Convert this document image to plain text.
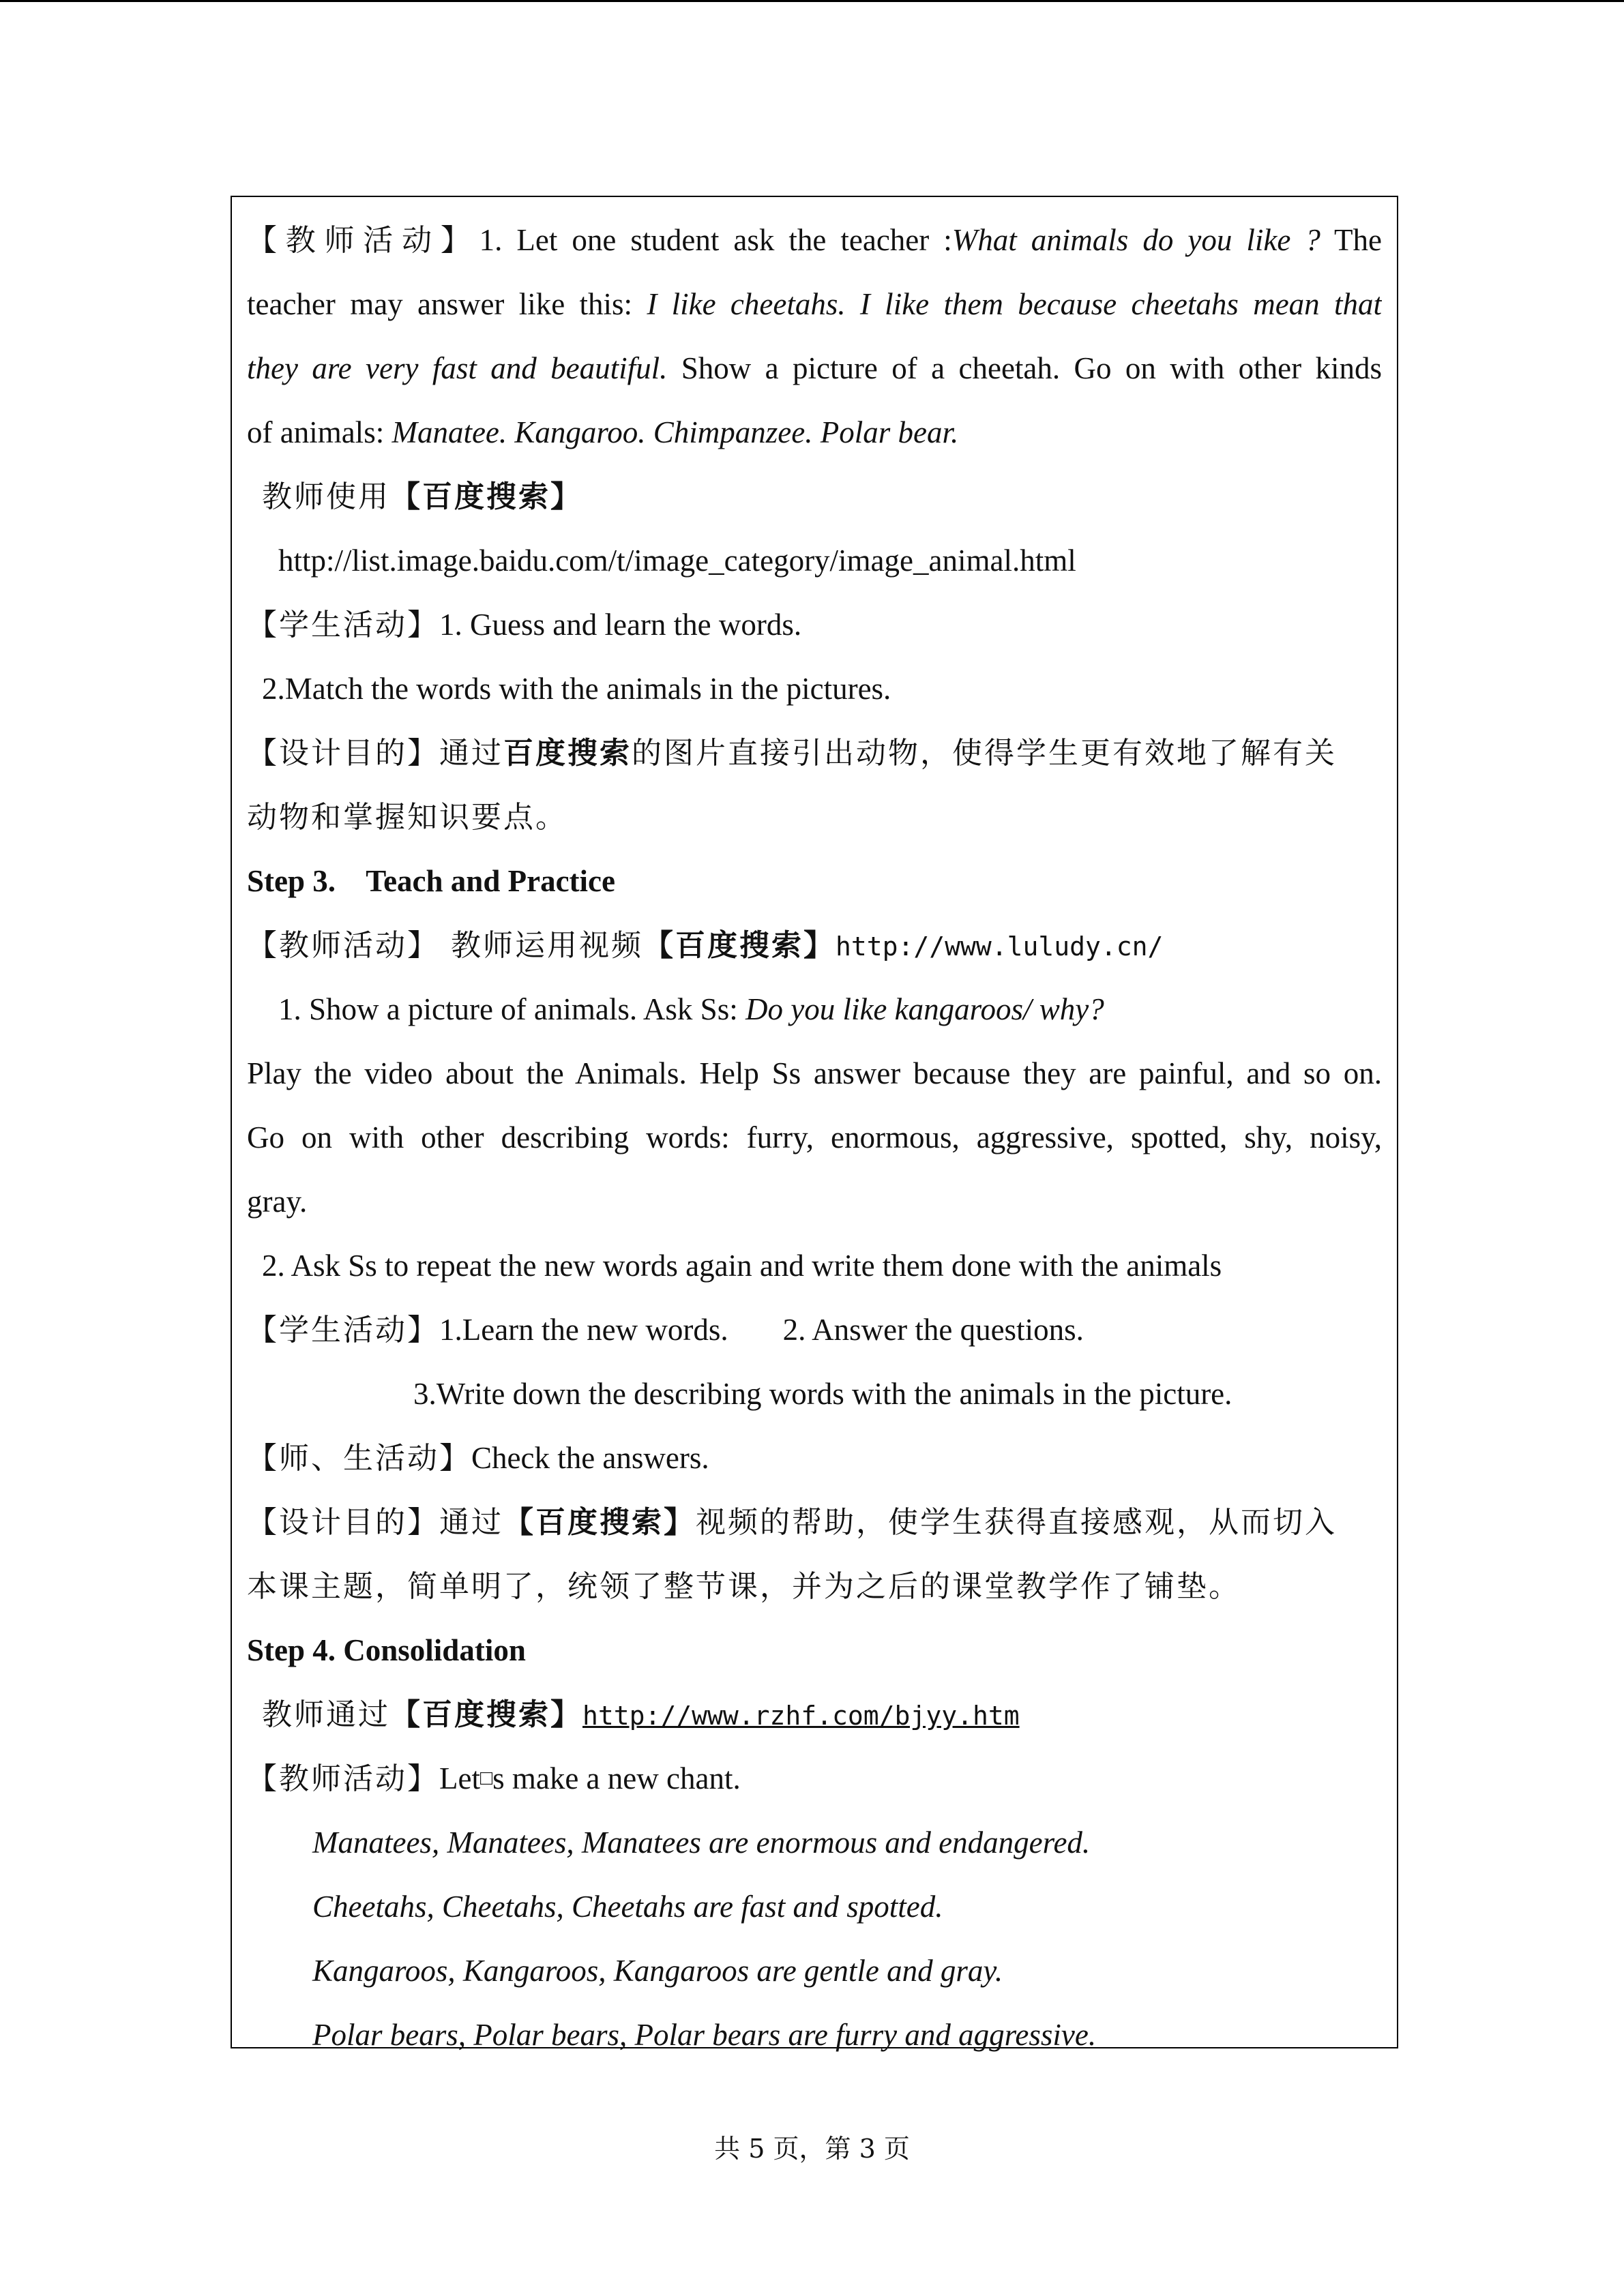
【教师活动】1. Let one student ask the teacher :What animals do you like ? The
teacher may answer like this: I like cheetahs. I like them because cheetahs mean that
they are very fast and beautiful. Show a picture of a cheetah. Go on with other kinds
of animals: Manatee. Kangaroo. Chimpanzee. Polar bear.
教师使用【百度搜索】
http://list.image.baidu.com/t/image_category/image_animal.html
【学生活动】1. Guess and learn the words.
2.Match the words with the animals in the pictures.
【设计目的】通过百度搜索的图片直接引出动物，使得学生更有效地了解有关
动物和掌握知识要点。
Step 3.    Teach and Practice
【教师活动】 教师运用视频【百度搜索】http://www.luludy.cn/
1. Show a picture of animals. Ask Ss: Do you like kangaroos/ why?
Play the video about the Animals. Help Ss answer because they are painful, and so on.
Go on with other describing words: furry, enormous, aggressive, spotted, shy, noisy,
gray.
2. Ask Ss to repeat the new words again and write them done with the animals
【学生活动】1.Learn the new words. 2. Answer the questions.
3.Write down the describing words with the animals in the picture.
【师、生活动】Check the answers.
【设计目的】通过【百度搜索】视频的帮助，使学生获得直接感观，从而切入
本课主题，简单明了，统领了整节课，并为之后的课堂教学作了铺垫。
Step 4. Consolidation
教师通过【百度搜索】http://www.rzhf.com/bjyy.htm
【教师活动】Let□s make a new chant.
Manatees, Manatees, Manatees are enormous and endangered.
Cheetahs, Cheetahs, Cheetahs are fast and spotted.
Kangaroos, Kangaroos, Kangaroos are gentle and gray.
Polar bears, Polar bears, Polar bears are furry and aggressive.
共 5 页，第 3 页
